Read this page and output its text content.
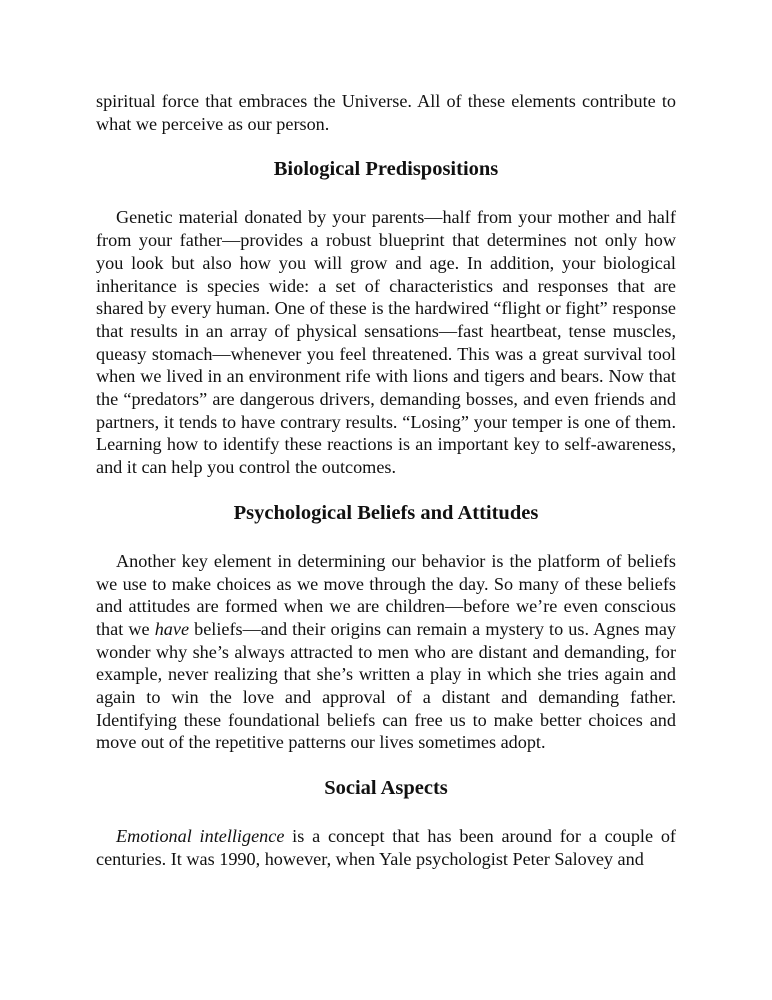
spiritual force that embraces the Universe. All of these elements contribute to what we perceive as our person.

Biological Predispositions

Genetic material donated by your parents—half from your mother and half from your father—provides a robust blueprint that determines not only how you look but also how you will grow and age. In addition, your biological inheritance is species wide: a set of characteristics and responses that are shared by every human. One of these is the hardwired “flight or fight” response that results in an array of physical sensations—fast heartbeat, tense muscles, queasy stomach—whenever you feel threatened. This was a great survival tool when we lived in an environment rife with lions and tigers and bears. Now that the “predators” are dangerous drivers, demanding bosses, and even friends and partners, it tends to have contrary results. “Losing” your temper is one of them. Learning how to identify these reactions is an important key to self-awareness, and it can help you control the outcomes.

Psychological Beliefs and Attitudes

Another key element in determining our behavior is the platform of beliefs we use to make choices as we move through the day. So many of these beliefs and attitudes are formed when we are children—before we’re even conscious that we have beliefs—and their origins can remain a mystery to us. Agnes may wonder why she’s always attracted to men who are distant and demanding, for example, never realizing that she’s written a play in which she tries again and again to win the love and approval of a distant and demanding father. Identifying these foundational beliefs can free us to make better choices and move out of the repetitive patterns our lives sometimes adopt.

Social Aspects

Emotional intelligence is a concept that has been around for a couple of centuries. It was 1990, however, when Yale psychologist Peter Salovey and
